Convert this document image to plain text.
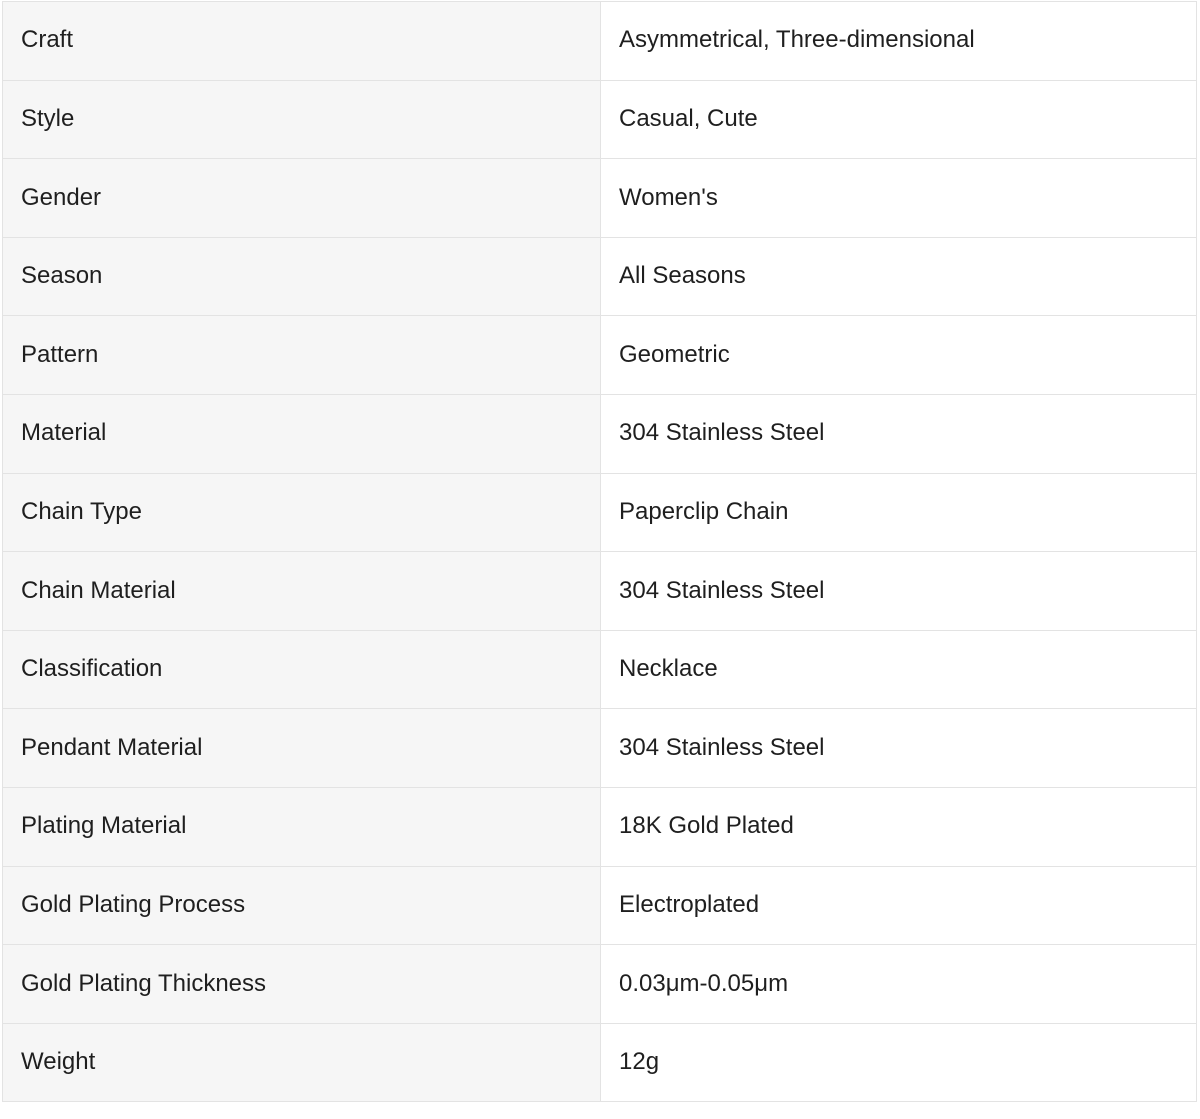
Craft	Asymmetrical, Three-dimensional
Style	Casual, Cute
Gender	Women's
Season	All Seasons
Pattern	Geometric
Material	304 Stainless Steel
Chain Type	Paperclip Chain
Chain Material	304 Stainless Steel
Classification	Necklace
Pendant Material	304 Stainless Steel
Plating Material	18K Gold Plated
Gold Plating Process	Electroplated
Gold Plating Thickness	0.03μm-0.05μm
Weight	12g
